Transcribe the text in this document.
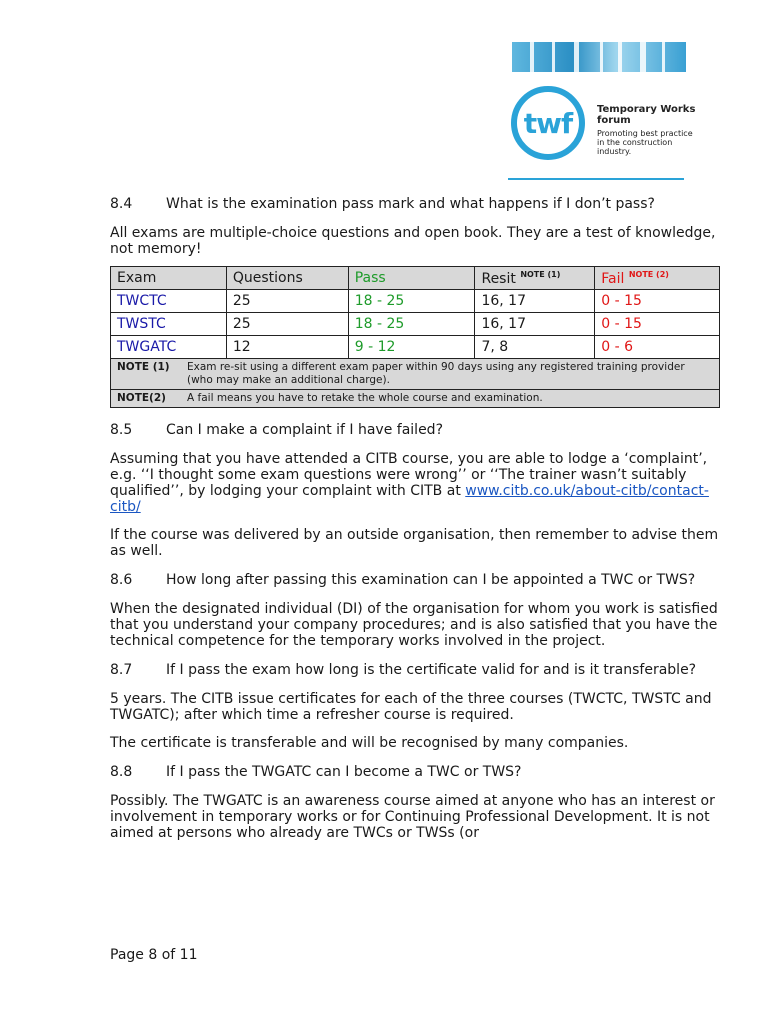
twf Temporary Works forum
Promoting best practice in the construction industry.
8.4	What is the examination pass mark and what happens if I don’t pass?

All exams are multiple-choice questions and open book. They are a test of knowledge, not memory!

Exam	Questions	Pass	Resit $^{NOTE (1)}$	Fail $^{NOTE (2)}$
TWCTC	25	18 - 25	16, 17	0 - 15
TWSTC	25	18 - 25	16, 17	0 - 15
TWGATC	12	9 - 12	7, 8	0 - 6
NOTE (1) Exam re-sit using a different exam paper within 90 days using any registered training provider (who may make an additional charge).				
NOTE(2) A fail means you have to retake the whole course and examination.				
8.5	Can I make a complaint if I have failed?

Assuming that you have attended a CITB course, you are able to lodge a ‘complaint’, e.g. ‘‘I thought some exam questions were wrong’’ or ‘‘The trainer wasn’t suitably qualified’’, by lodging your complaint with CITB at www.citb.co.uk/about-citb/contact-citb/

If the course was delivered by an outside organisation, then remember to advise them as well.

8.6	How long after passing this examination can I be appointed a TWC or TWS?

When the designated individual (DI) of the organisation for whom you work is satisfied that you understand your company procedures; and is also satisfied that you have the technical competence for the temporary works involved in the project.

8.7	If I pass the exam how long is the certificate valid for and is it transferable?

5 years. The CITB issue certificates for each of the three courses (TWCTC, TWSTC and TWGATC); after which time a refresher course is required.

The certificate is transferable and will be recognised by many companies.

8.8	If I pass the TWGATC can I become a TWC or TWS?

Possibly. The TWGATC is an awareness course aimed at anyone who has an interest or involvement in temporary works or for Continuing Professional Development. It is not aimed at persons who already are TWCs or TWSs (or

Page 8 of 11
